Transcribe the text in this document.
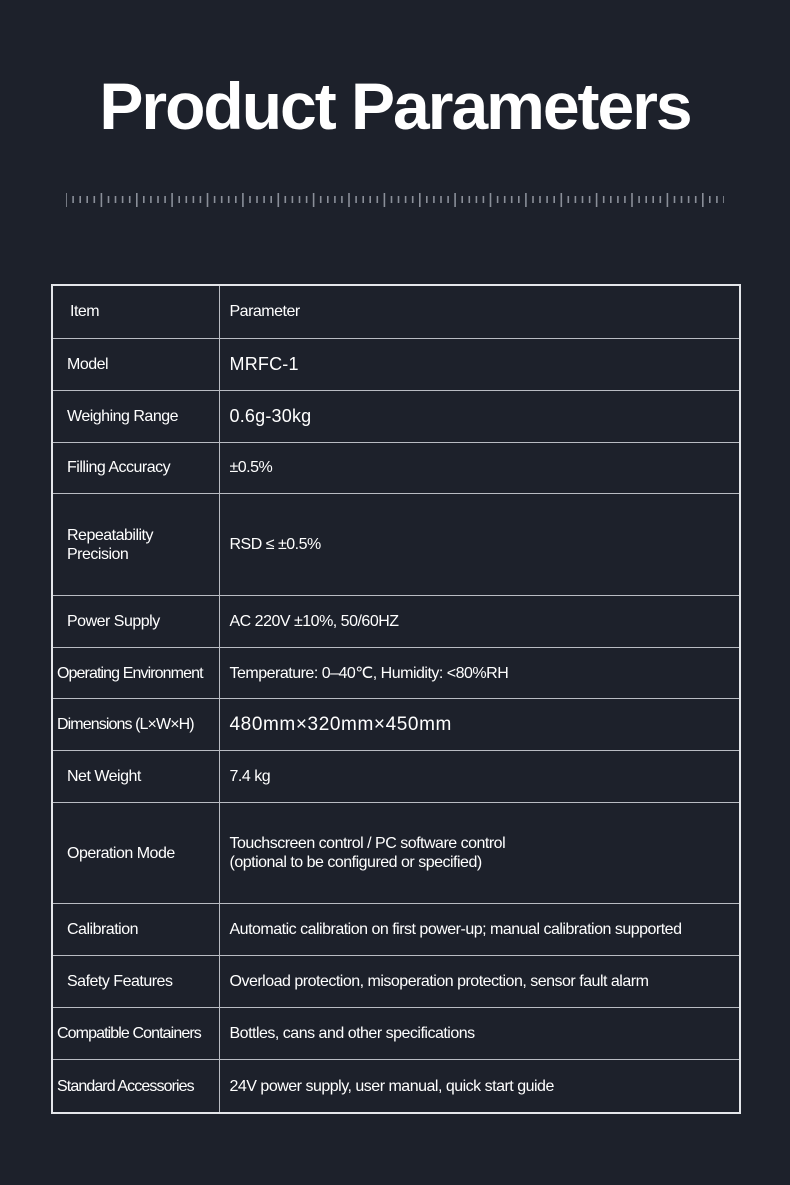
Product Parameters
Item	Parameter
Model	MRFC-1
Weighing Range	0.6g-30kg
Filling Accuracy	±0.5%
Repeatability
Precision	RSD ≤ ±0.5%
Power Supply	AC 220V ±10%, 50/60HZ
Operating Environment	Temperature: 0–40℃, Humidity: <80%RH
Dimensions (L×W×H)	480mm×320mm×450mm
Net Weight	7.4 kg
Operation Mode	Touchscreen control / PC software control
(optional to be configured or specified)
Calibration	Automatic calibration on first power-up; manual calibration supported
Safety Features	Overload protection, misoperation protection, sensor fault alarm
Compatible Containers	Bottles, cans and other specifications
Standard Accessories	24V power supply, user manual, quick start guide
